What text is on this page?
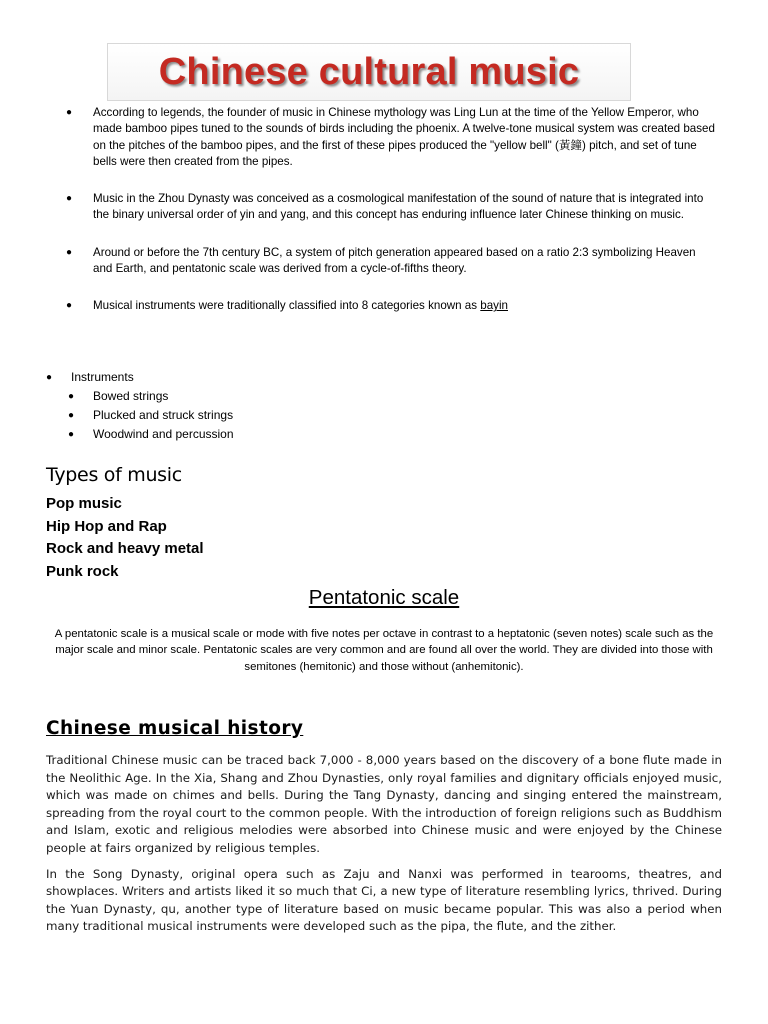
Chinese cultural music
● According to legends, the founder of music in Chinese mythology was Ling Lun at the time of the Yellow Emperor, who made bamboo pipes tuned to the sounds of birds including the phoenix. A twelve-tone musical system was created based on the pitches of the bamboo pipes, and the first of these pipes produced the "yellow bell" (黃鐘) pitch, and set of tune bells were then created from the pipes.
● Music in the Zhou Dynasty was conceived as a cosmological manifestation of the sound of nature that is integrated into the binary universal order of yin and yang, and this concept has enduring influence later Chinese thinking on music.
● Around or before the 7th century BC, a system of pitch generation appeared based on a ratio 2:3 symbolizing Heaven and Earth, and pentatonic scale was derived from a cycle-of-fifths theory.
● Musical instruments were traditionally classified into 8 categories known as bayin
● Instruments
● Bowed strings
● Plucked and struck strings
● Woodwind and percussion
Types of music
Pop music
Hip Hop and Rap
Rock and heavy metal
Punk rock
Pentatonic scale
A pentatonic scale is a musical scale or mode with five notes per octave in contrast to a heptatonic (seven notes) scale such as the major scale and minor scale. Pentatonic scales are very common and are found all over the world. They are divided into those with semitones (hemitonic) and those without (anhemitonic).
Chinese musical history

Traditional Chinese music can be traced back 7,000 - 8,000 years based on the discovery of a bone flute made in the Neolithic Age. In the Xia, Shang and Zhou Dynasties, only royal families and dignitary officials enjoyed music, which was made on chimes and bells. During the Tang Dynasty, dancing and singing entered the mainstream, spreading from the royal court to the common people. With the introduction of foreign religions such as Buddhism and Islam, exotic and religious melodies were absorbed into Chinese music and were enjoyed by the Chinese people at fairs organized by religious temples.

In the Song Dynasty, original opera such as Zaju and Nanxi was performed in tearooms, theatres, and showplaces. Writers and artists liked it so much that Ci, a new type of literature resembling lyrics, thrived. During the Yuan Dynasty, qu, another type of literature based on music became popular. This was also a period when many traditional musical instruments were developed such as the pipa, the flute, and the zither.
